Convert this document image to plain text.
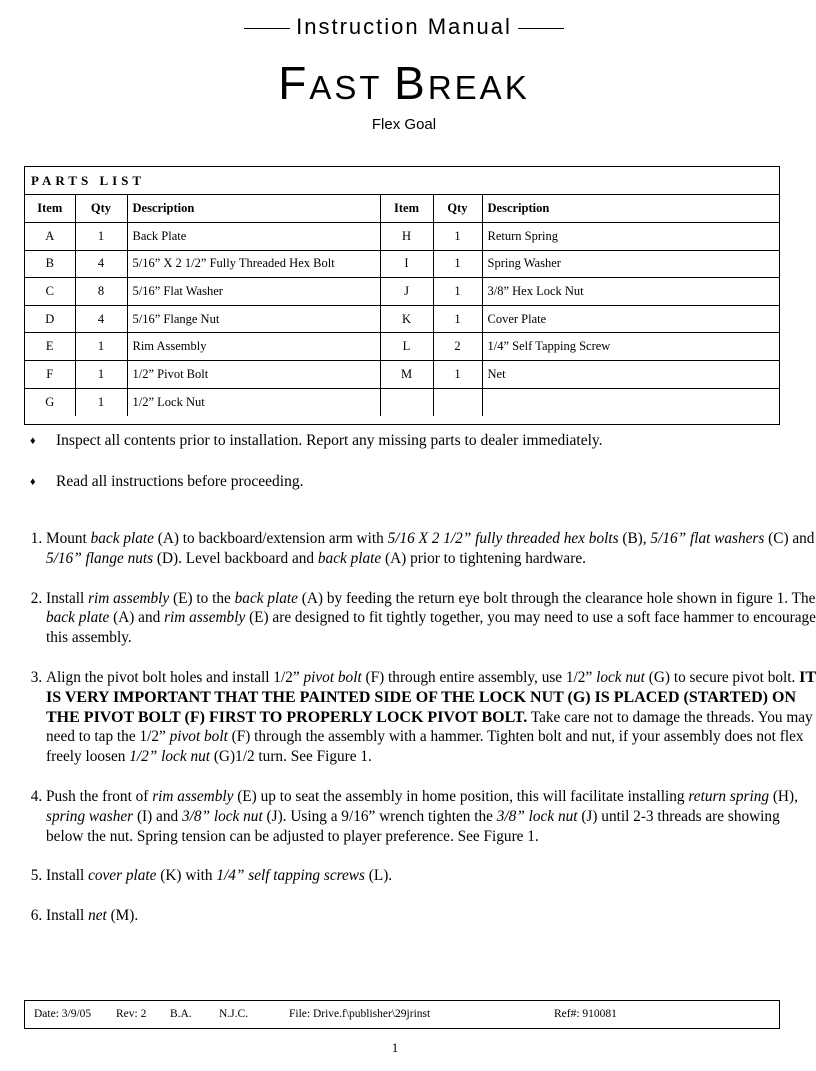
Instruction Manual
FAST BREAK
Flex Goal
PARTS LIST
Item	Qty	Description	Item	Qty	Description
A	1	Back Plate	H	1	Return Spring
B	4	5/16” X 2 1/2” Fully Threaded Hex Bolt	I	1	Spring Washer
C	8	5/16” Flat Washer	J	1	3/8” Hex Lock Nut
D	4	5/16” Flange Nut	K	1	Cover Plate
E	1	Rim Assembly	L	2	1/4” Self Tapping Screw
F	1	1/2” Pivot Bolt	M	1	Net
G	1	1/2” Lock Nut			
♦ Inspect all contents prior to installation. Report any missing parts to dealer immediately.
♦ Read all instructions before proceeding.
1. Mount back plate (A) to backboard/extension arm with 5/16 X 2 1/2” fully threaded hex bolts (B), 5/16” flat washers (C) and 5/16” flange nuts (D). Level backboard and back plate (A) prior to tightening hardware.
2. Install rim assembly (E) to the back plate (A) by feeding the return eye bolt through the clearance hole shown in figure 1. The back plate (A) and rim assembly (E) are designed to fit tightly together, you may need to use a soft face hammer to encourage this assembly.
3. Align the pivot bolt holes and install 1/2” pivot bolt (F) through entire assembly, use 1/2” lock nut (G) to secure pivot bolt. IT IS VERY IMPORTANT THAT THE PAINTED SIDE OF THE LOCK NUT (G) IS PLACED (STARTED) ON THE PIVOT BOLT (F) FIRST TO PROPERLY LOCK PIVOT BOLT. Take care not to damage the threads. You may need to tap the 1/2” pivot bolt (F) through the assembly with a hammer. Tighten bolt and nut, if your assembly does not flex freely loosen 1/2” lock nut (G)1/2 turn. See Figure 1.
4. Push the front of rim assembly (E) up to seat the assembly in home position, this will facilitate installing return spring (H), spring washer (I) and 3/8” lock nut (J). Using a 9/16” wrench tighten the 3/8” lock nut (J) until 2-3 threads are showing below the nut. Spring tension can be adjusted to player preference. See Figure 1.
5. Install cover plate (K) with 1/4” self tapping screws (L).
6. Install net (M).
Date: 3/9/05 Rev: 2 B.A. N.J.C.	File: Drive.f\publisher\29jrinst	Ref#: 910081
1
